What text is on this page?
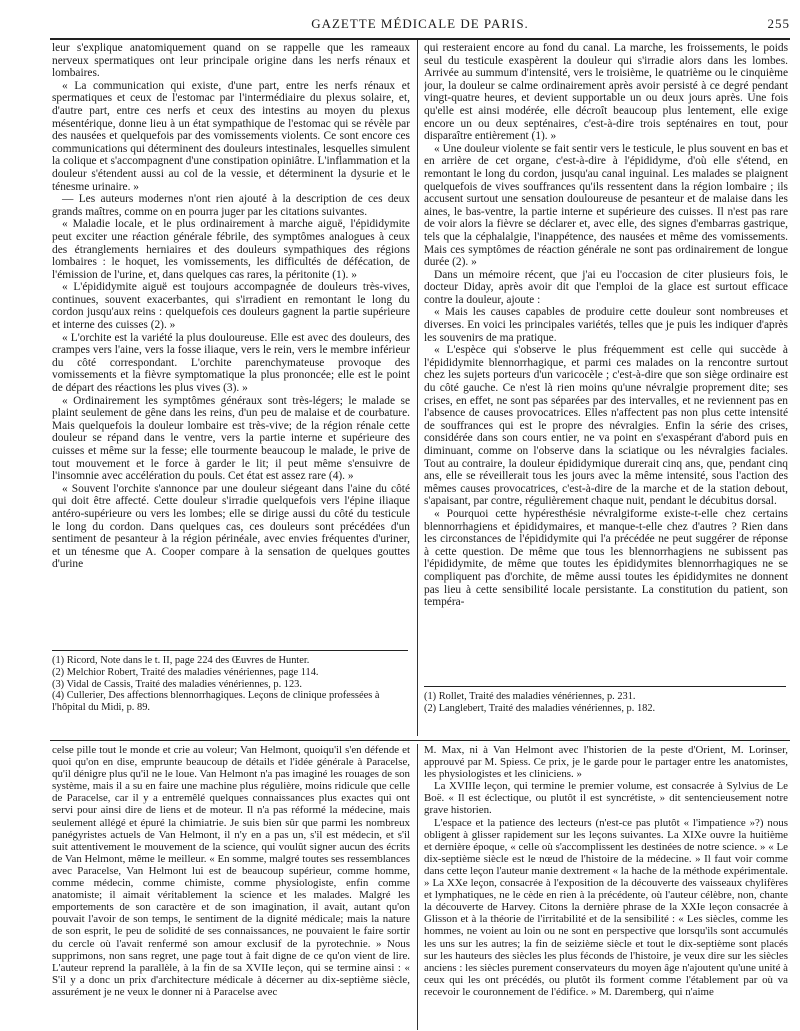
GAZETTE MÉDICALE DE PARIS.	255

leur s'explique anatomiquement quand on se rappelle que les rameaux nerveux spermatiques ont leur principale origine dans les nerfs rénaux et lombaires.

« La communication qui existe, d'une part, entre les nerfs rénaux et spermatiques et ceux de l'estomac par l'intermédiaire du plexus solaire, et, d'autre part, entre ces nerfs et ceux des intestins au moyen du plexus mésentérique, donne lieu à un état sympathique de l'estomac qui se révèle par des nausées et quelquefois par des vomissements violents. Ce sont encore ces communications qui déterminent des douleurs intestinales, lesquelles simulent la colique et s'accompagnent d'une constipation opiniâtre. L'inflammation et la douleur s'étendent aussi au col de la vessie, et déterminent la dysurie et le ténesme urinaire. »

— Les auteurs modernes n'ont rien ajouté à la description de ces deux grands maîtres, comme on en pourra juger par les citations suivantes.

« Maladie locale, et le plus ordinairement à marche aiguë, l'épididymite peut exciter une réaction générale fébrile, des symptômes analogues à ceux des étranglements herniaires et des douleurs sympathiques des régions lombaires : le hoquet, les vomissements, les difficultés de défécation, de l'émission de l'urine, et, dans quelques cas rares, la péritonite (1). »

« L'épididymite aiguë est toujours accompagnée de douleurs très-vives, continues, souvent exacerbantes, qui s'irradient en remontant le long du cordon jusqu'aux reins : quelquefois ces douleurs gagnent la partie supérieure et interne des cuisses (2). »

« L'orchite est la variété la plus douloureuse. Elle est avec des douleurs, des crampes vers l'aine, vers la fosse iliaque, vers le rein, vers le membre inférieur du côté correspondant. L'orchite parenchymateuse provoque des vomissements et la fièvre symptomatique la plus prononcée; elle est le point de départ des réactions les plus vives (3). »

« Ordinairement les symptômes généraux sont très-légers; le malade se plaint seulement de gêne dans les reins, d'un peu de malaise et de courbature. Mais quelquefois la douleur lombaire est très-vive; de la région rénale cette douleur se répand dans le ventre, vers la partie interne et supérieure des cuisses et même sur la fesse; elle tourmente beaucoup le malade, le prive de tout mouvement et le force à garder le lit; il peut même s'ensuivre de l'insomnie avec accélération du pouls. Cet état est assez rare (4). »

« Souvent l'orchite s'annonce par une douleur siégeant dans l'aine du côté qui doit être affecté. Cette douleur s'irradie quelquefois vers l'épine iliaque antéro-supérieure ou vers les lombes; elle se dirige aussi du côté du testicule le long du cordon. Dans quelques cas, ces douleurs sont précédées d'un sentiment de pesanteur à la région périnéale, avec envies fréquentes d'uriner, et un ténesme que A. Cooper compare à la sensation de quelques gouttes d'urine

(1) Ricord, Note dans le t. II, page 224 des Œuvres de Hunter.

(2) Melchior Robert, Traité des maladies vénériennes, page 114.

(3) Vidal de Cassis, Traité des maladies vénériennes, p. 123.

(4) Cullerier, Des affections blennorrhagiques. Leçons de clinique professées à l'hôpital du Midi, p. 89.

qui resteraient encore au fond du canal. La marche, les froissements, le poids seul du testicule exaspèrent la douleur qui s'irradie alors dans les lombes. Arrivée au summum d'intensité, vers le troisième, le quatrième ou le cinquième jour, la douleur se calme ordinairement après avoir persisté à ce degré pendant vingt-quatre heures, et devient supportable un ou deux jours après. Une fois qu'elle est ainsi modérée, elle décroît beaucoup plus lentement, elle exige encore un ou deux septénaires, c'est-à-dire trois septénaires en tout, pour disparaître entièrement (1). »

« Une douleur violente se fait sentir vers le testicule, le plus souvent en bas et en arrière de cet organe, c'est-à-dire à l'épididyme, d'où elle s'étend, en remontant le long du cordon, jusqu'au canal inguinal. Les malades se plaignent quelquefois de vives souffrances qu'ils ressentent dans la région lombaire ; ils accusent surtout une sensation douloureuse de pesanteur et de malaise dans les aines, le bas-ventre, la partie interne et supérieure des cuisses. Il n'est pas rare de voir alors la fièvre se déclarer et, avec elle, des signes d'embarras gastrique, tels que la céphalalgie, l'inappétence, des nausées et même des vomissements. Mais ces symptômes de réaction générale ne sont pas ordinairement de longue durée (2). »

Dans un mémoire récent, que j'ai eu l'occasion de citer plusieurs fois, le docteur Diday, après avoir dit que l'emploi de la glace est surtout efficace contre la douleur, ajoute :

« Mais les causes capables de produire cette douleur sont nombreuses et diverses. En voici les principales variétés, telles que je puis les indiquer d'après les souvenirs de ma pratique.

« L'espèce qui s'observe le plus fréquemment est celle qui succède à l'épididymite blennorrhagique, et parmi ces malades on la rencontre surtout chez les sujets porteurs d'un varicocèle ; c'est-à-dire que son siège ordinaire est du côté gauche. Ce n'est là rien moins qu'une névralgie proprement dite; ses crises, en effet, ne sont pas séparées par des intervalles, et ne reviennent pas en l'absence de causes provocatrices. Elles n'affectent pas non plus cette intensité de souffrances qui est le propre des névralgies. Enfin la série des crises, considérée dans son cours entier, ne va point en s'exaspérant d'abord puis en diminuant, comme on l'observe dans la sciatique ou les névralgies faciales. Tout au contraire, la douleur épididymique durerait cinq ans, que, pendant cinq ans, elle se réveillerait tous les jours avec la même intensité, sous l'action des mêmes causes provocatrices, c'est-à-dire de la marche et de la station debout, s'apaisant, par contre, régulièrement chaque nuit, pendant le décubitus dorsal.

« Pourquoi cette hypéresthésie névralgiforme existe-t-elle chez certains blennorrhagiens et épididymaires, et manque-t-elle chez d'autres ? Rien dans les circonstances de l'épididymite qui l'a précédée ne peut suggérer de réponse à cette question. De même que tous les blennorrhagiens ne subissent pas l'épididymite, de même que toutes les épididymites blennorrhagiques ne se compliquent pas d'orchite, de même aussi toutes les épididymites ne donnent pas lieu à cette sensibilité locale persistante. La constitution du patient, son tempéra-

(1) Rollet, Traité des maladies vénériennes, p. 231.

(2) Langlebert, Traité des maladies vénériennes, p. 182.

celse pille tout le monde et crie au voleur; Van Helmont, quoiqu'il s'en défende et quoi qu'on en dise, emprunte beaucoup de détails et l'idée générale à Paracelse, qu'il dénigre plus qu'il ne le loue. Van Helmont n'a pas imaginé les rouages de son système, mais il a su en faire une machine plus régulière, moins ridicule que celle de Paracelse, car il y a entremêlé quelques connaissances plus exactes qui ont servi pour ainsi dire de liens et de moteur. Il n'a pas réformé la médecine, mais seulement allégé et épuré la chimiatrie. Je suis bien sûr que parmi les nombreux panégyristes actuels de Van Helmont, il n'y en a pas un, s'il est médecin, et s'il suit attentivement le mouvement de la science, qui voulût signer aucun des écrits de Van Helmont, même le meilleur. « En somme, malgré toutes ses ressemblances avec Paracelse, Van Helmont lui est de beaucoup supérieur, comme homme, comme médecin, comme chimiste, comme physiologiste, enfin comme anatomiste; il aimait véritablement la science et les malades. Malgré les emportements de son caractère et de son imagination, il avait, autant qu'on pouvait l'avoir de son temps, le sentiment de la dignité médicale; mais la nature de son esprit, le peu de solidité de ses connaissances, ne pouvaient le faire sortir du cercle où l'avait renfermé son amour exclusif de la pyrotechnie. » Nous supprimons, non sans regret, une page tout à fait digne de ce qu'on vient de lire. L'auteur reprend la parallèle, à la fin de sa XVIIe leçon, qui se termine ainsi : « S'il y a donc un prix d'architecture médicale à décerner au dix-septième siècle, assurément je ne veux le donner ni à Paracelse avec

M. Max, ni à Van Helmont avec l'historien de la peste d'Orient, M. Lorinser, approuvé par M. Spiess. Ce prix, je le garde pour le partager entre les anatomistes, les physiologistes et les cliniciens. »

La XVIIIe leçon, qui termine le premier volume, est consacrée à Sylvius de Le Boë. « Il est éclectique, ou plutôt il est syncrétiste, » dit sentencieusement notre grave historien.

L'espace et la patience des lecteurs (n'est-ce pas plutôt « l'impatience »?) nous obligent à glisser rapidement sur les leçons suivantes. La XIXe ouvre la huitième et dernière époque, « celle où s'accomplissent les destinées de notre science. » « Le dix-septième siècle est le nœud de l'histoire de la médecine. » Il faut voir comme dans cette leçon l'auteur manie dextrement « la hache de la méthode expérimentale. » La XXe leçon, consacrée à l'exposition de la découverte des vaisseaux chylifères et lymphatiques, ne le cède en rien à la précédente, où l'auteur célèbre, non, chante la découverte de Harvey. Citons la dernière phrase de la XXIe leçon consacrée à Glisson et à la théorie de l'irritabilité et de la sensibilité : « Les siècles, comme les hommes, ne voient au loin ou ne sont en perspective que lorsqu'ils sont accumulés les uns sur les autres; la fin de seizième siècle et tout le dix-septième sont placés sur les hauteurs des siècles les plus féconds de l'histoire, je veux dire sur les siècles anciens : les siècles purement conservateurs du moyen âge n'ajoutent qu'une unité à ceux qui les ont précédés, ou plutôt ils forment comme l'établement par où va recevoir le couronnement de l'édifice. » M. Daremberg, qui n'aime
